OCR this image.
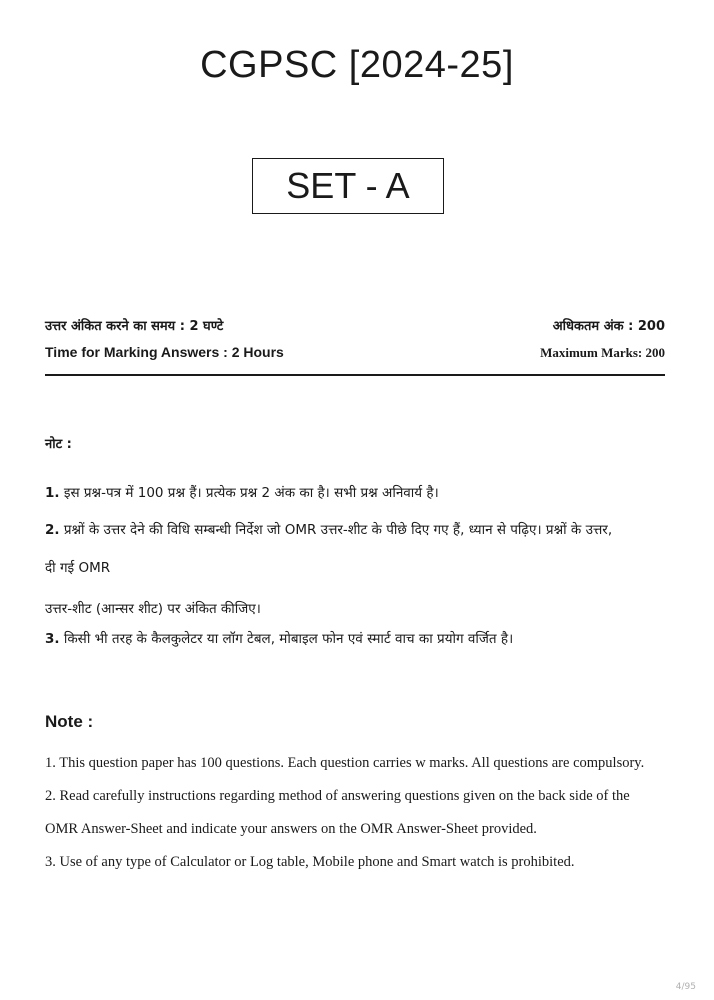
CGPSC [2024-25]
SET - A
उत्तर अंकित करने का समय : 2 घण्टे	अधिकतम अंक : 200
Time for Marking Answers : 2 Hours	Maximum Marks: 200
नोट :
1. इस प्रश्न-पत्र में 100 प्रश्न हैं। प्रत्येक प्रश्न 2 अंक का है। सभी प्रश्न अनिवार्य है।
2. प्रश्नों के उत्तर देने की विधि सम्बन्धी निर्देश जो OMR उत्तर-शीट के पीछे दिए गए हैं, ध्यान से पढ़िए। प्रश्नों के उत्तर,
दी गई OMR
उत्तर-शीट (आन्सर शीट) पर अंकित कीजिए।
3. किसी भी तरह के कैलकुलेटर या लॉग टेबल, मोबाइल फोन एवं स्मार्ट वाच का प्रयोग वर्जित है।
Note :
1. This question paper has 100 questions. Each question carries w marks. All questions are compulsory.
2. Read carefully instructions regarding method of answering questions given on the back side of the
OMR Answer-Sheet and indicate your answers on the OMR Answer-Sheet provided.
3. Use of any type of Calculator or Log table, Mobile phone and Smart watch is prohibited.
4/95
